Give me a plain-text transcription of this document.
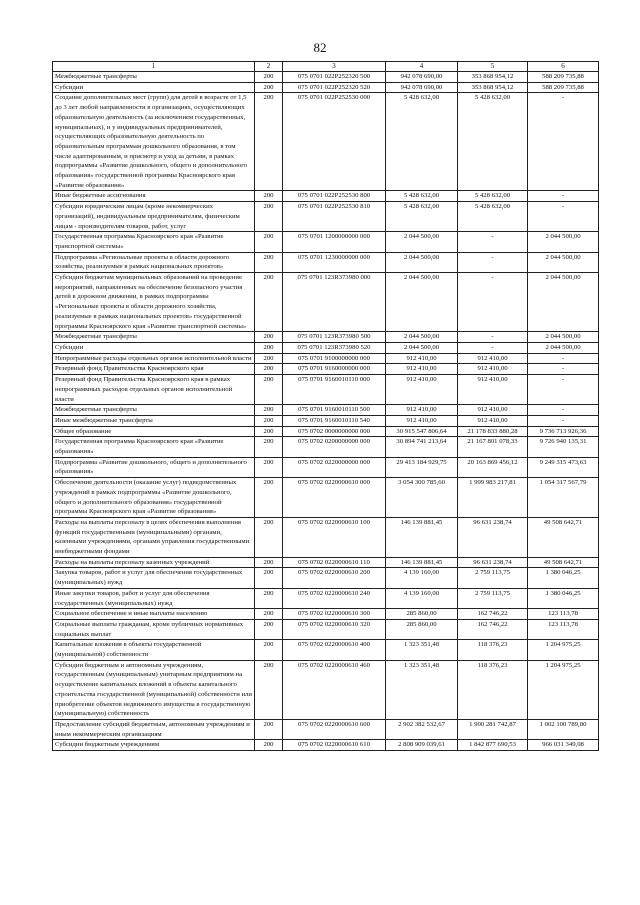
82
1	2	3	4	5	6
Межбюджетные трансферты	200	075 0701 022P252320 500	942 078 690,00	353 868 954,12	588 209 735,88
Субсидии	200	075 0701 022P252320 520	942 078 690,00	353 868 954,12	588 209 735,88
Создание дополнительных мест (групп) для детей в возрасте от 1,5 до 3 лет любой направленности в организациях, осуществляющих образовательную деятельность (за исключением государственных, муниципальных), и у индивидуальных предпринимателей, осуществляющих образовательную деятельность по образовательным программам дошкольного образования, в том числе адаптированным, и присмотр и уход за детьми, в рамках подпрограммы «Развитие дошкольного, общего и дополнительного образования» государственной программы Красноярского края «Развитие образования»	200	075 0701 022P252530 000	5 428 632,00	5 428 632,00	-
Иные бюджетные ассигнования	200	075 0701 022P252530 800	5 428 632,00	5 428 632,00	-
Субсидии юридическим лицам (кроме некоммерческих организаций), индивидуальным предпринимателям, физическим лицам - производителям товаров, работ, услуг	200	075 0701 022P252530 810	5 428 632,00	5 428 632,00	-
Государственная программа Красноярского края «Развитие транспортной системы»	200	075 0701 1200000000 000	2 044 500,00	-	2 044 500,00
Подпрограмма «Региональные проекты в области дорожного хозяйства, реализуемые в рамках национальных проектов»	200	075 0701 1230000000 000	2 044 500,00	-	2 044 500,00
Субсидии бюджетам муниципальных образований на проведение мероприятий, направленных на обеспечение безопасного участия детей в дорожном движении, в рамках подпрограммы «Региональные проекты в области дорожного хозяйства, реализуемые в рамках национальных проектов» государственной программы Красноярского края «Развитие транспортной системы»	200	075 0701 123R373980 000	2 044 500,00	-	2 044 500,00
Межбюджетные трансферты	200	075 0701 123R373980 500	2 044 500,00	-	2 044 500,00
Субсидии	200	075 0701 123R373980 520	2 044 500,00	-	2 044 500,00
Непрограммные расходы отдельных органов исполнительной власти	200	075 0701 9100000000 000	912 410,00	912 410,00	-
Резервный фонд Правительства Красноярского края	200	075 0701 9160000000 000	912 410,00	912 410,00	-
Резервный фонд Правительства Красноярского края в рамках непрограммных расходов отдельных органов исполнительной власти	200	075 0701 9160010110 000	912 410,00	912 410,00	-
Межбюджетные трансферты	200	075 0701 9160010110 500	912 410,00	912 410,00	-
Иные межбюджетные трансферты	200	075 0701 9160010110 540	912 410,00	912 410,00	-
Общее образование	200	075 0702 0000000000 000	30 915 547 806,64	21 178 833 880,28	9 736 713 926,36
Государственная программа Красноярского края «Развитие образования»	200	075 0702 0200000000 000	30 894 741 213,64	21 167 801 078,33	9 726 940 135,31
Подпрограмма «Развитие дошкольного, общего и дополнительного образования»	200	075 0702 0220000000 000	29 413 184 929,75	20 163 869 456,12	9 249 315 473,63
Обеспечение деятельности (оказание услуг) подведомственных учреждений в рамках подпрограммы «Развитие дошкольного, общего и дополнительного образования» государственной программы Красноярского края «Развитие образования»	200	075 0702 0220000610 000	3 054 300 785,60	1 999 983 217,81	1 054 317 567,79
Расходы на выплаты персоналу в целях обеспечения выполнения функций государственными (муниципальными) органами, казенными учреждениями, органами управления государственными внебюджетными фондами	200	075 0702 0220000610 100	146 139 881,45	96 631 238,74	49 508 642,71
Расходы на выплаты персоналу казенных учреждений	200	075 0702 0220000610 110	146 139 881,45	96 631 238,74	49 508 642,71
Закупка товаров, работ и услуг для обеспечения государственных (муниципальных) нужд	200	075 0702 0220000610 200	4 139 160,00	2 759 113,75	1 380 046,25
Иные закупки товаров, работ и услуг для обеспечения государственных (муниципальных) нужд	200	075 0702 0220000610 240	4 139 160,00	2 759 113,75	1 380 046,25
Социальное обеспечение и иные выплаты населению	200	075 0702 0220000610 300	285 860,00	162 746,22	123 113,78
Социальные выплаты гражданам, кроме публичных нормативных социальных выплат	200	075 0702 0220000610 320	285 860,00	162 746,22	123 113,78
Капитальные вложения в объекты государственной (муниципальной) собственности	200	075 0702 0220000610 400	1 323 351,48	118 376,23	1 204 975,25
Субсидии бюджетным и автономным учреждениям, государственным (муниципальным) унитарным предприятиям на осуществление капитальных вложений в объекты капитального строительства государственной (муниципальной) собственности или приобретение объектов недвижимого имущества в государственную (муниципальную) собственность	200	075 0702 0220000610 460	1 323 351,48	118 376,23	1 204 975,25
Предоставление субсидий бюджетным, автономным учреждениям и иным некоммерческим организациям	200	075 0702 0220000610 600	2 902 382 532,67	1 900 281 742,87	1 002 100 789,80
Субсидии бюджетным учреждениям	200	075 0702 0220000610 610	2 808 909 039,61	1 842 877 690,53	966 031 349,08
